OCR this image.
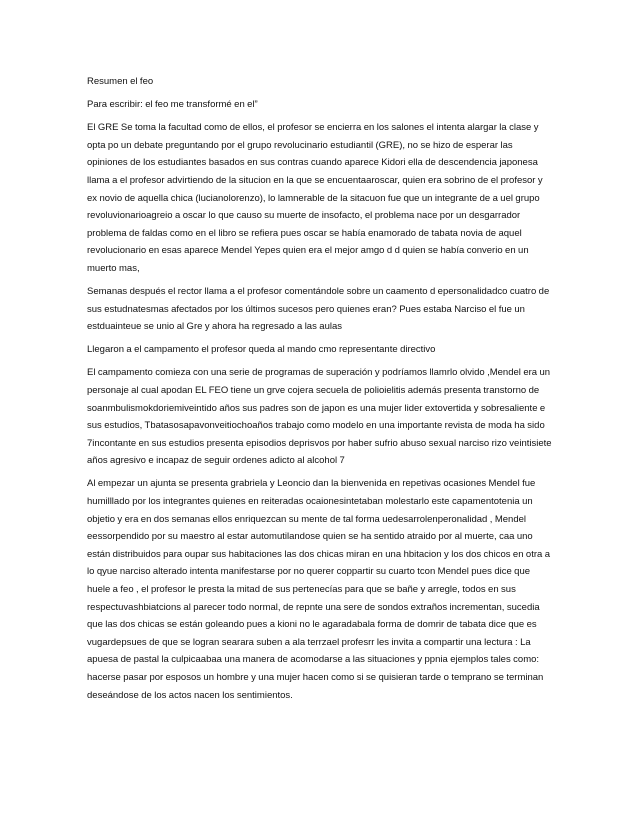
Resumen el feo

Para escribir: el feo me transformé en el”

El GRE Se toma la facultad como de ellos, el profesor se encierra en los salones el intenta alargar la clase y opta po un debate preguntando por el grupo revolucinario estudiantil (GRE), no se hizo de esperar las opiniones de los estudiantes basados en sus contras cuando aparece Kidori ella de descendencia japonesa llama a el profesor advirtiendo de la situcion en la que se encuentaaroscar, quien era sobrino de el profesor y ex novio de aquella chica (lucianolorenzo), lo lamnerable de la sitacuon fue que un integrante de a uel grupo revoluvionarioagreio a oscar lo que causo su muerte de insofacto, el problema nace por un desgarrador problema de faldas como en el libro se refiera pues oscar se había enamorado de tabata novia de aquel revolucionario en esas aparece Mendel Yepes quien era el mejor amgo d d quien se había converio en un muerto mas,

Semanas después el rector llama a el profesor comentándole sobre un caamento d epersonalidadco cuatro de sus estudnatesmas afectados por los últimos sucesos pero quienes eran? Pues estaba Narciso el fue un estduainteue se unio al Gre y ahora ha regresado a las aulas

Llegaron a el campamento el profesor queda al mando cmo representante directivo

El campamento comieza con una serie de programas de superación y podríamos llamrlo olvido ,Mendel era un personaje al cual apodan EL FEO tiene un grve cojera secuela de polioielitis además presenta transtorno de soanmbulismokdoriemiveintido años sus padres son de japon es una mujer lider extovertida y sobresaliente e sus estudios, Tbatasosapavonveitiochoaños trabajo como modelo en una importante revista de moda ha sido 7incontante en sus estudios presenta episodios deprisvos por haber sufrio abuso sexual narciso rizo veintisiete años agresivo e incapaz de seguir ordenes adicto al alcohol 7

Al empezar un ajunta se presenta grabriela y Leoncio dan la bienvenida en repetivas ocasiones Mendel fue humilllado por los integrantes quienes en reiteradas ocaionesintetaban molestarlo este capamentotenia un objetio y era en dos semanas ellos enriquezcan su mente de tal forma uedesarrolenperonalidad , Mendel eessorpendido por su maestro al estar automutilandose quien se ha sentido atraido por al muerte, caa uno están distribuidos para oupar sus habitaciones las dos chicas miran en una hbitacion y los dos chicos en otra a lo qyue narciso alterado intenta manifestarse por no querer coppartir su cuarto tcon Mendel pues dice que huele a feo , el profesor le presta la mitad de sus pertenecías para que se bañe y arregle, todos en sus respectuvashbiatcions al parecer todo normal, de repnte una sere de sondos extraños incrementan, sucedia que las dos chicas se están goleando pues a kioni no le agaradabala forma de domrir de tabata dice que es vugardepsues de que se logran searara suben a ala terrzael profesrr les invita a compartir una lectura : La apuesa de pastal la culpicaabaa una manera de acomodarse a las situaciones y ppnia ejemplos tales como: hacerse pasar por esposos un hombre y una mujer hacen como si se quisieran tarde o temprano se terminan deseándose de los actos nacen los sentimientos.
